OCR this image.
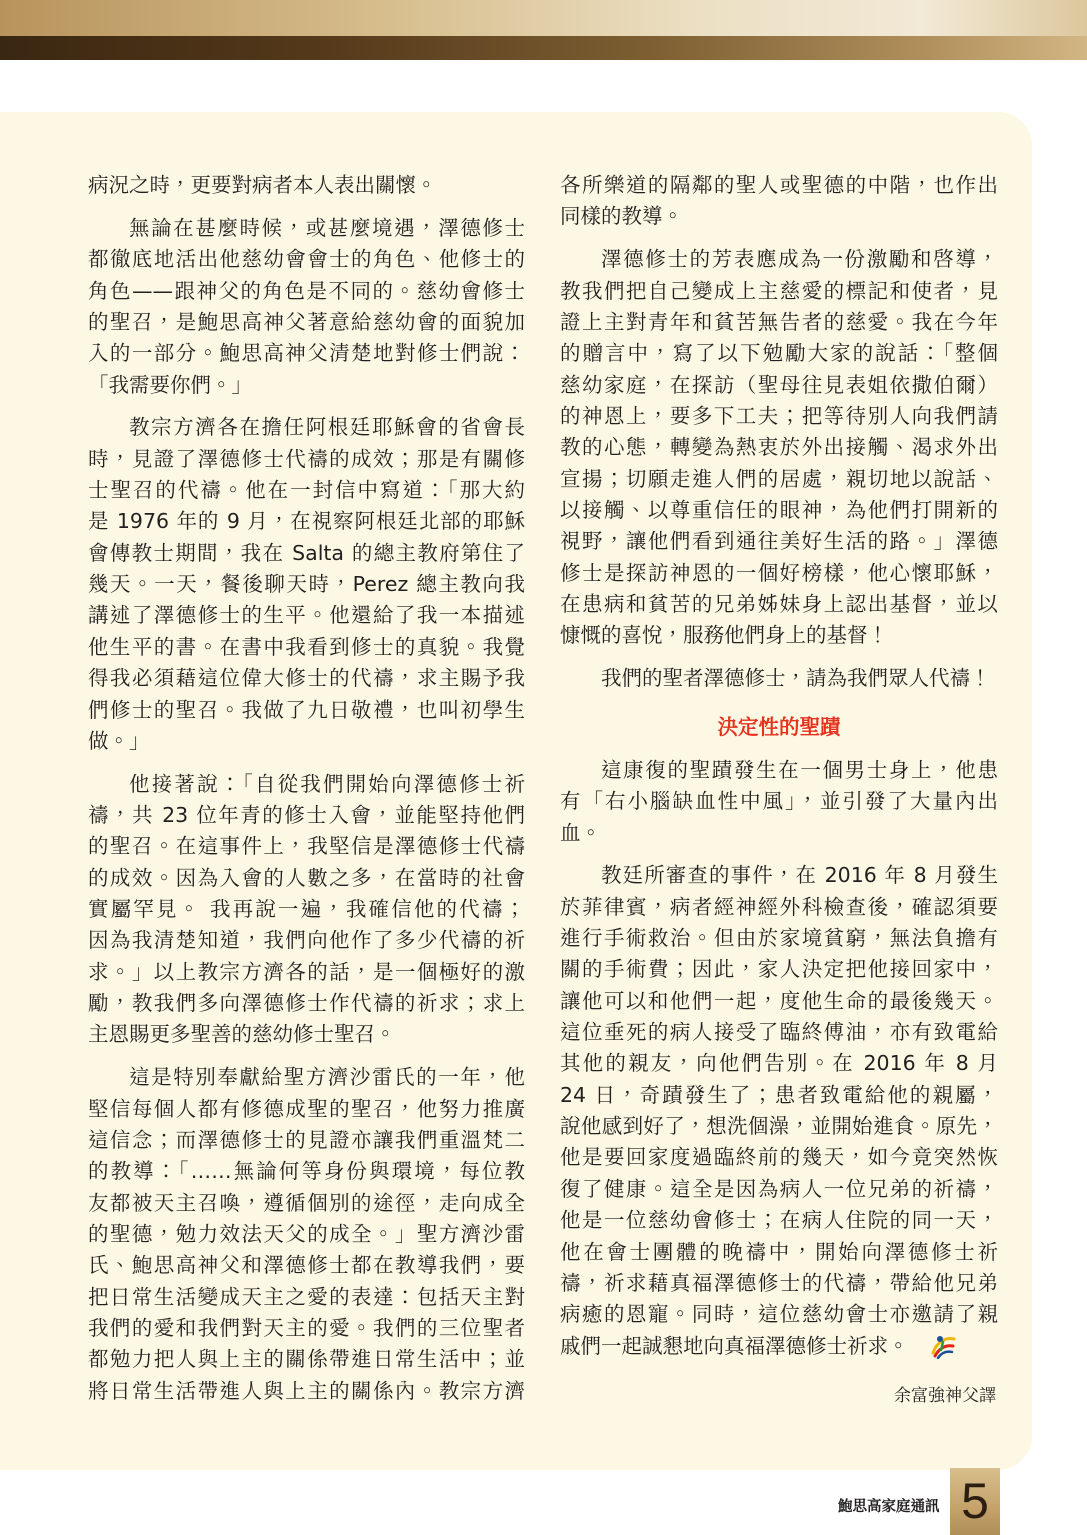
病況之時，更要對病者本人表出關懷。
無論在甚麼時候，或甚麼境遇，澤德修士
都徹底地活出他慈幼會會士的角色、他修士的
角色——跟神父的角色是不同的。慈幼會修士
的聖召，是鮑思高神父著意給慈幼會的面貌加
入的一部分。鮑思高神父清楚地對修士們說：
「我需要你們。」
教宗方濟各在擔任阿根廷耶穌會的省會長
時，見證了澤德修士代禱的成效；那是有關修
士聖召的代禱。他在一封信中寫道：「那大約
是 1976 年的 9 月，在視察阿根廷北部的耶穌
會傳教士期間，我在 Salta 的總主教府第住了
幾天。一天，餐後聊天時，Perez 總主教向我
講述了澤德修士的生平。他還給了我一本描述
他生平的書。在書中我看到修士的真貌。我覺
得我必須藉這位偉大修士的代禱，求主賜予我
們修士的聖召。我做了九日敬禮，也叫初學生
做。」
他接著說：「自從我們開始向澤德修士祈
禱，共 23 位年青的修士入會，並能堅持他們
的聖召。在這事件上，我堅信是澤德修士代禱
的成效。因為入會的人數之多，在當時的社會
實屬罕見。 我再說一遍，我確信他的代禱；
因為我清楚知道，我們向他作了多少代禱的祈
求。」以上教宗方濟各的話，是一個極好的激
勵，教我們多向澤德修士作代禱的祈求；求上
主恩賜更多聖善的慈幼修士聖召。
這是特別奉獻給聖方濟沙雷氏的一年，他
堅信每個人都有修德成聖的聖召，他努力推廣
這信念；而澤德修士的見證亦讓我們重溫梵二
的教導：「……無論何等身份與環境，每位教
友都被天主召喚，遵循個別的途徑，走向成全
的聖德，勉力效法天父的成全。」聖方濟沙雷
氏、鮑思高神父和澤德修士都在教導我們，要
把日常生活變成天主之愛的表達：包括天主對
我們的愛和我們對天主的愛。我們的三位聖者
都勉力把人與上主的關係帶進日常生活中；並
將日常生活帶進人與上主的關係內。教宗方濟
各所樂道的隔鄰的聖人或聖德的中階，也作出
同樣的教導。
澤德修士的芳表應成為一份激勵和啓導，
教我們把自己變成上主慈愛的標記和使者，見
證上主對青年和貧苦無告者的慈愛。我在今年
的贈言中，寫了以下勉勵大家的說話：「整個
慈幼家庭，在探訪（聖母往見表姐依撒伯爾）
的神恩上，要多下工夫；把等待別人向我們請
教的心態，轉變為熱衷於外出接觸、渴求外出
宣揚；切願走進人們的居處，親切地以說話、
以接觸、以尊重信任的眼神，為他們打開新的
視野，讓他們看到通往美好生活的路。」澤德
修士是探訪神恩的一個好榜樣，他心懷耶穌，
在患病和貧苦的兄弟姊妹身上認出基督，並以
慷慨的喜悅，服務他們身上的基督！
我們的聖者澤德修士，請為我們眾人代禱！
決定性的聖蹟
這康復的聖蹟發生在一個男士身上，他患
有「右小腦缺血性中風」，並引發了大量內出
血。
教廷所審查的事件，在 2016 年 8 月發生
於菲律賓，病者經神經外科檢查後，確認須要
進行手術救治。但由於家境貧窮，無法負擔有
關的手術費；因此，家人決定把他接回家中，
讓他可以和他們一起，度他生命的最後幾天。
這位垂死的病人接受了臨終傅油，亦有致電給
其他的親友，向他們告別。在 2016 年 8 月
24 日，奇蹟發生了；患者致電給他的親屬，
說他感到好了，想洗個澡，並開始進食。原先，
他是要回家度過臨終前的幾天，如今竟突然恢
復了健康。這全是因為病人一位兄弟的祈禱，
他是一位慈幼會修士；在病人住院的同一天，
他在會士團體的晚禱中，開始向澤德修士祈
禱，祈求藉真福澤德修士的代禱，帶給他兄弟
病癒的恩寵。同時，這位慈幼會士亦邀請了親
戚們一起誠懇地向真福澤德修士祈求。
余富強神父譯
鮑思高家庭通訊 5
